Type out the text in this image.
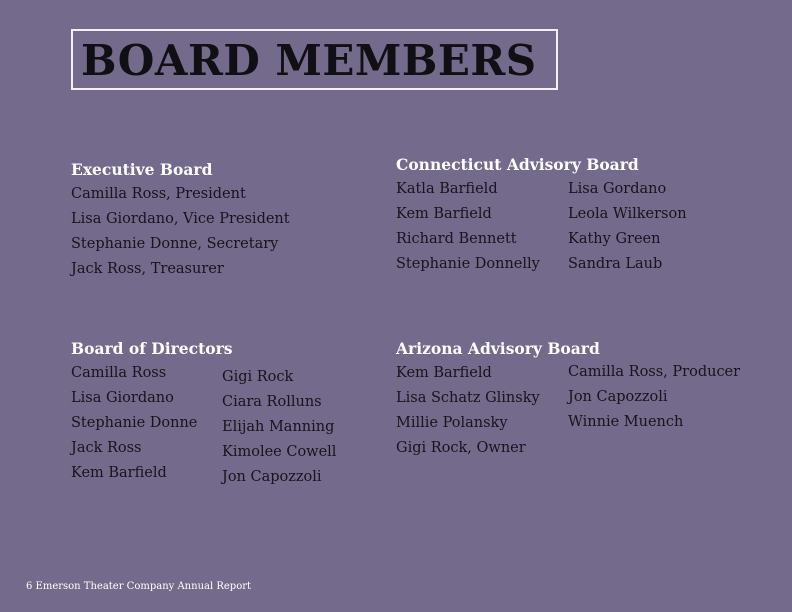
BOARD MEMBERS
Executive Board
Camilla Ross, President
Lisa Giordano, Vice President
Stephanie Donne, Secretary
Jack Ross, Treasurer
Connecticut Advisory Board
Katla Barfield
Kem Barfield
Richard Bennett
Stephanie Donnelly
Lisa Gordano
Leola Wilkerson
Kathy Green
Sandra Laub
Board of Directors
Camilla Ross
Lisa Giordano
Stephanie Donne
Jack Ross
Kem Barfield
Gigi Rock
Ciara Rolluns
Elijah Manning
Kimolee Cowell
Jon Capozzoli
Arizona Advisory Board
Kem Barfield
Lisa Schatz Glinsky
Millie Polansky
Gigi Rock, Owner
Camilla Ross, Producer
Jon Capozzoli
Winnie Muench
6 Emerson Theater Company Annual Report
